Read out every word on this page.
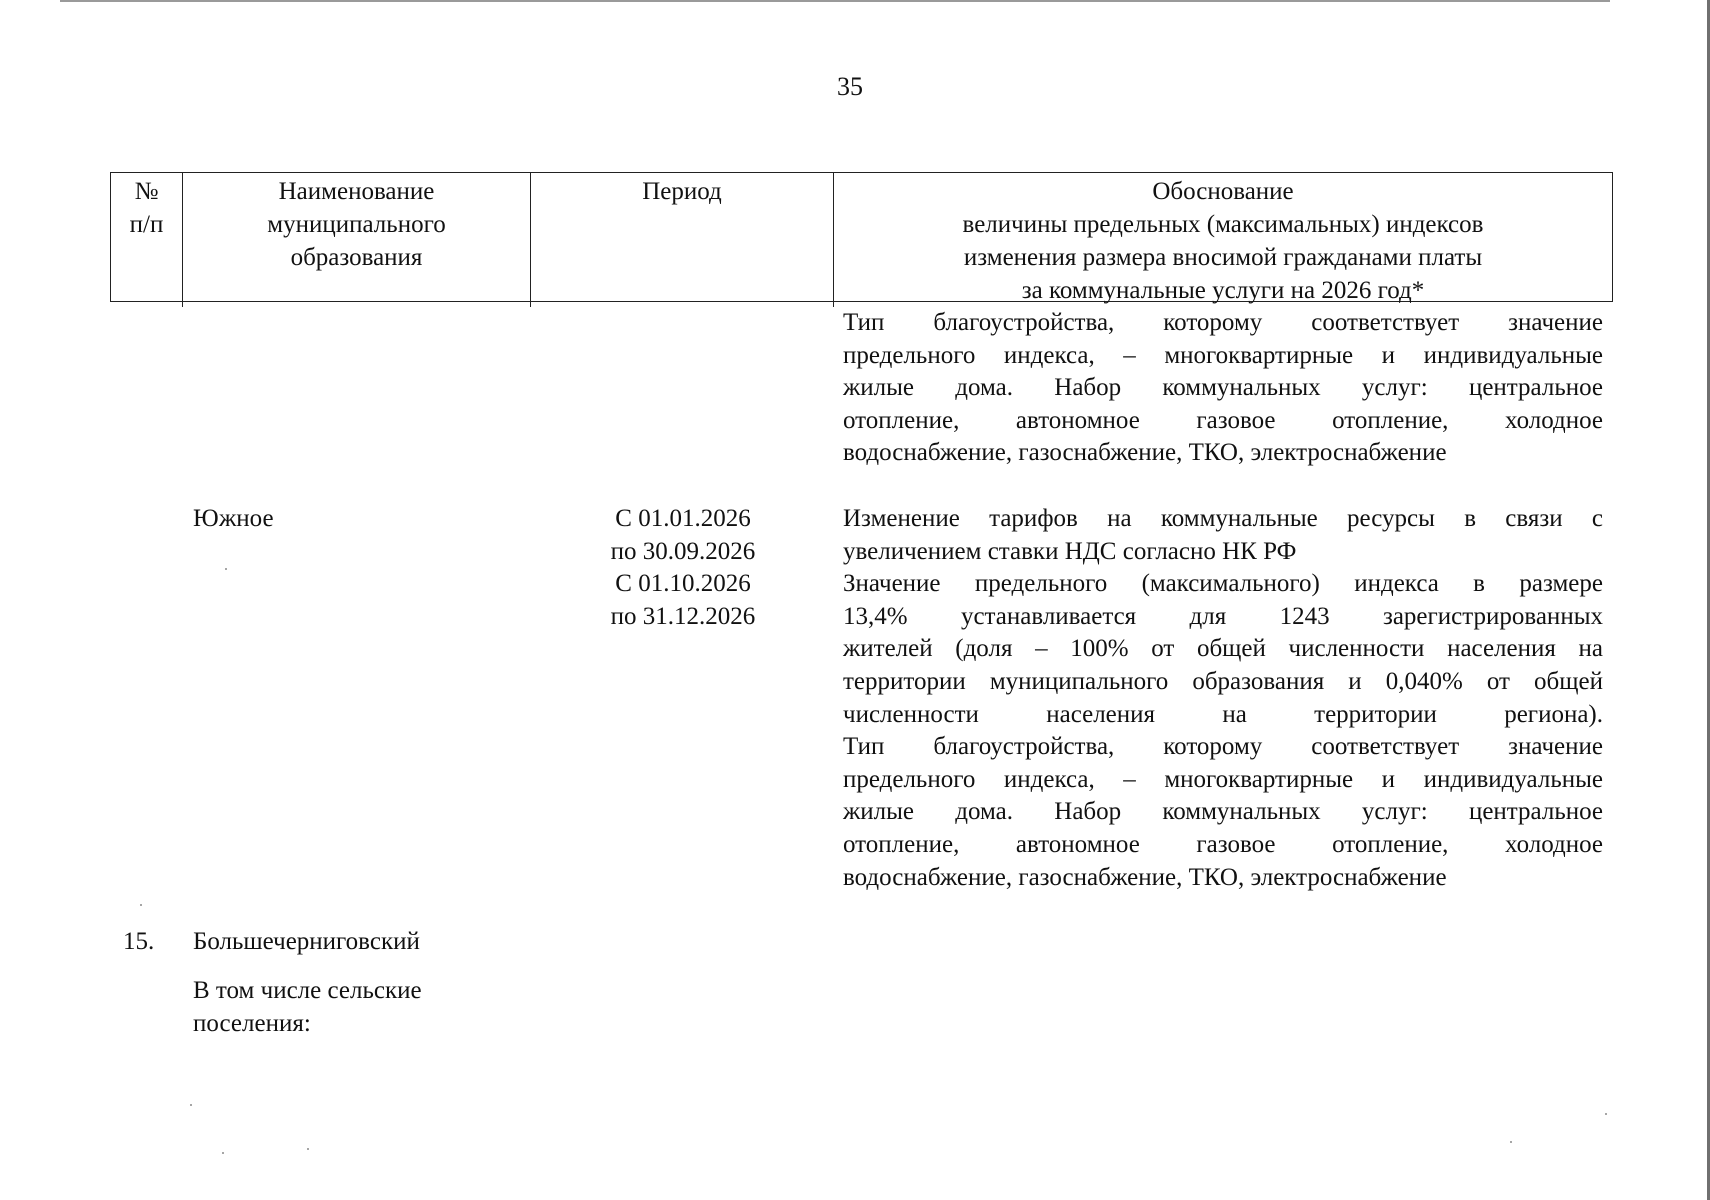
35
№
п/п
Наименование
муниципального
образования
Период	Обоснование
величины предельных (максимальных) индексов
изменения размера вносимой гражданами платы
за коммунальные услуги на 2026 год*
Тип благоустройства, которому соответствует значение
предельного индекса, – многоквартирные и индивидуальные
жилые дома. Набор коммунальных услуг: центральное
отопление, автономное газовое отопление, холодное
водоснабжение, газоснабжение, ТКО, электроснабжение
Южное	С 01.01.2026
по 30.09.2026
С 01.10.2026
по 31.12.2026
Изменение тарифов на коммунальные ресурсы в связи с
увеличением ставки НДС согласно НК РФ
Значение предельного (максимального) индекса в размере
13,4% устанавливается для 1243 зарегистрированных
жителей (доля – 100% от общей численности населения на
территории муниципального образования и 0,040% от общей
численности населения на территории региона).
Тип благоустройства, которому соответствует значение
предельного индекса, – многоквартирные и индивидуальные
жилые дома. Набор коммунальных услуг: центральное
отопление, автономное газовое отопление, холодное
водоснабжение, газоснабжение, ТКО, электроснабжение
15. Большечерниговский
В том числе сельские
поселения:
